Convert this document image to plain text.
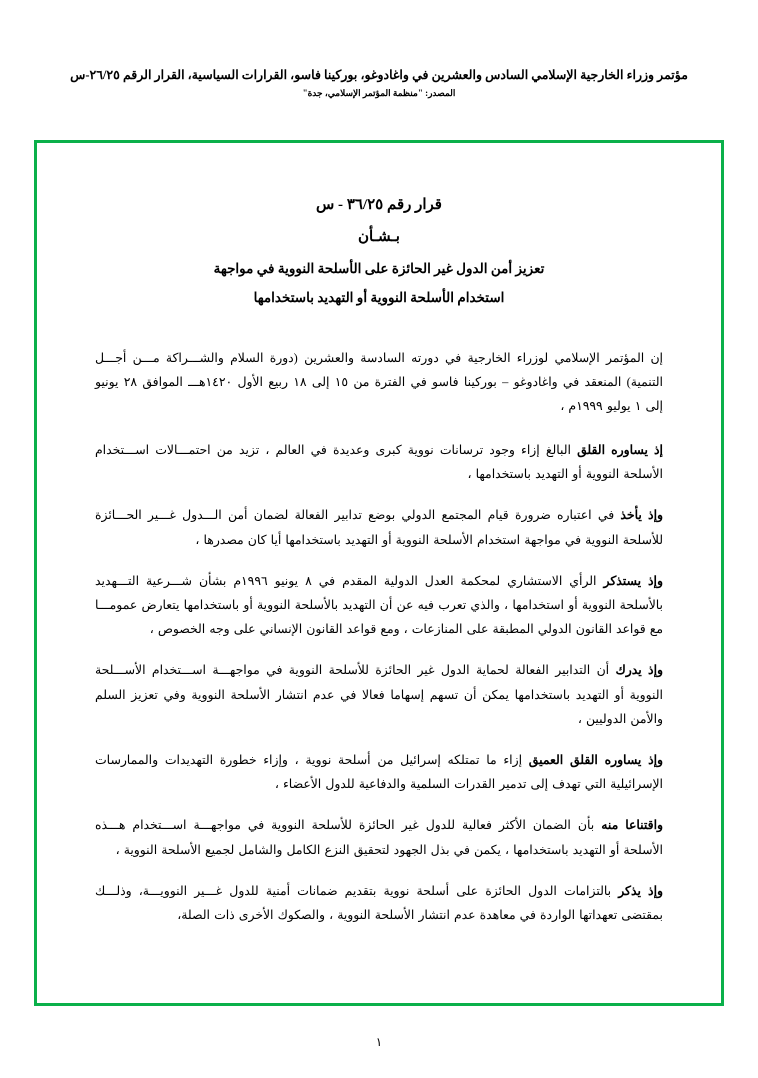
مؤتمر وزراء الخارجية الإسلامي السادس والعشرين في واغادوغو، بوركينا فاسو، القرارات السياسية، القرار الرقم ٢٦/٢٥-س
المصدر: "منظمة المؤتمر الإسلامي، جدة"
قرار رقم ٣٦/٢٥ - س
بـشـأن
تعزيز أمن الدول غير الحائزة على الأسلحة النووية في مواجهة
استخدام الأسلحة النووية أو التهديد باستخدامها

إن المؤتمر الإسلامي لوزراء الخارجية في دورته السادسة والعشرين (دورة السلام والشـــراكة مـــن أجـــل التنمية) المنعقد في واغادوغو – بوركينا فاسو في الفترة من ١٥ إلى ١٨ ربيع الأول ١٤٢٠هـــ الموافق ٢٨ يونيو إلى ١ يوليو ١٩٩٩م ،

إذ يساوره القلق البالغ إزاء وجود ترسانات نووية كبرى وعديدة في العالم ، تزيد من احتمـــالات اســـتخدام الأسلحة النووية أو التهديد باستخدامها ،

وإذ يأخذ في اعتباره ضرورة قيام المجتمع الدولي بوضع تدابير الفعالة لضمان أمن الـــدول غـــير الحـــائزة للأسلحة النووية في مواجهة استخدام الأسلحة النووية أو التهديد باستخدامها أيا كان مصدرها ،

وإذ يستذكر الرأي الاستشاري لمحكمة العدل الدولية المقدم في ٨ يونيو ١٩٩٦م بشأن شـــرعية التـــهديد بالأسلحة النووية أو استخدامها ، والذي تعرب فيه عن أن التهديد بالأسلحة النووية أو باستخدامها يتعارض عمومـــا مع قواعد القانون الدولي المطبقة على المنازعات ، ومع قواعد القانون الإنساني على وجه الخصوص ،

وإذ يدرك أن التدابير الفعالة لحماية الدول غير الحائزة للأسلحة النووية في مواجهـــة اســـتخدام الأســـلحة النووية أو التهديد باستخدامها يمكن أن تسهم إسهاما فعالا في عدم انتشار الأسلحة النووية وفي تعزيز السلم والأمن الدوليين ،

وإذ يساوره القلق العميق إزاء ما تمتلكه إسرائيل من أسلحة نووية ، وإزاء خطورة التهديدات والممارسات الإسرائيلية التي تهدف إلى تدمير القدرات السلمية والدفاعية للدول الأعضاء ،

واقتناعا منه بأن الضمان الأكثر فعالية للدول غير الحائزة للأسلحة النووية في مواجهـــة اســـتخدام هـــذه الأسلحة أو التهديد باستخدامها ، يكمن في بذل الجهود لتحقيق النزع الكامل والشامل لجميع الأسلحة النووية ،

وإذ يذكر بالتزامات الدول الحائزة على أسلحة نووية بتقديم ضمانات أمنية للدول غـــير النوويـــة، وذلـــك بمقتضى تعهداتها الواردة في معاهدة عدم انتشار الأسلحة النووية ، والصكوك الأخرى ذات الصلة،

١
